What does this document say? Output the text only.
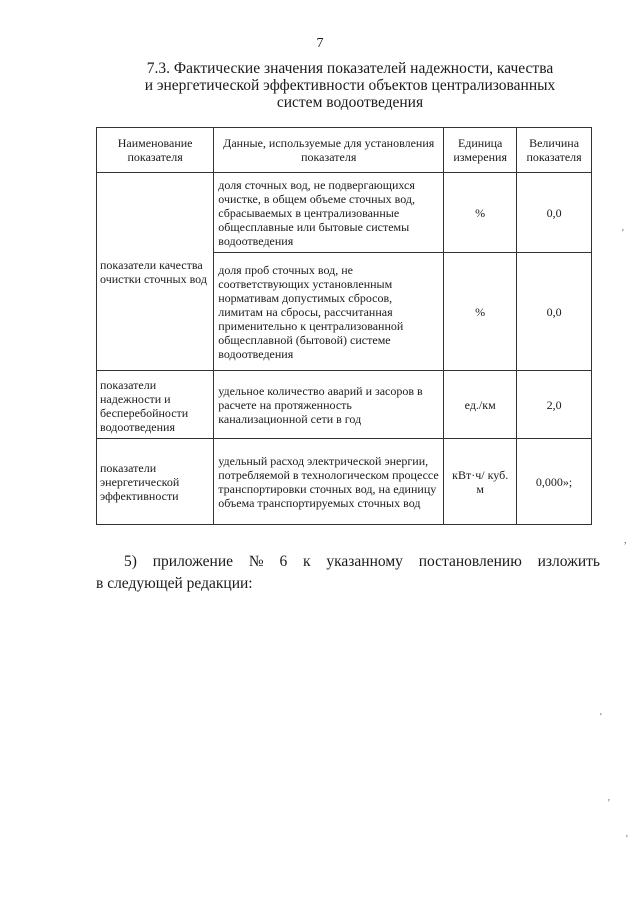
7
7.3. Фактические значения показателей надежности, качества
и энергетической эффективности объектов централизованных
систем водоотведения
Наименование показателя	Данные, используемые для установления показателя	Единица измерения	Величина показателя
показатели качества очистки сточных вод	доля сточных вод, не подвергающихся очистке, в общем объеме сточных вод, сбрасываемых в централизованные общесплавные или бытовые системы водоотведения	%	0,0
	доля проб сточных вод, не соответствующих установленным нормативам допустимых сбросов, лимитам на сбросы, рассчитанная применительно к централизованной общесплавной (бытовой) системе водоотведения	%	0,0
показатели надежности и бесперебойности водоотведения	удельное количество аварий и засоров в расчете на протяженность канализационной сети в год	ед./км	2,0
показатели энергетической эффективности	удельный расход электрической энергии, потребляемой в технологическом процессе транспортировки сточных вод, на единицу объема транспортируемых сточных вод	кВт·ч/ куб. м	0,000»;
5) приложение № 6 к указанному постановлению изложить
в следующей редакции:
'
,
'
'
'
